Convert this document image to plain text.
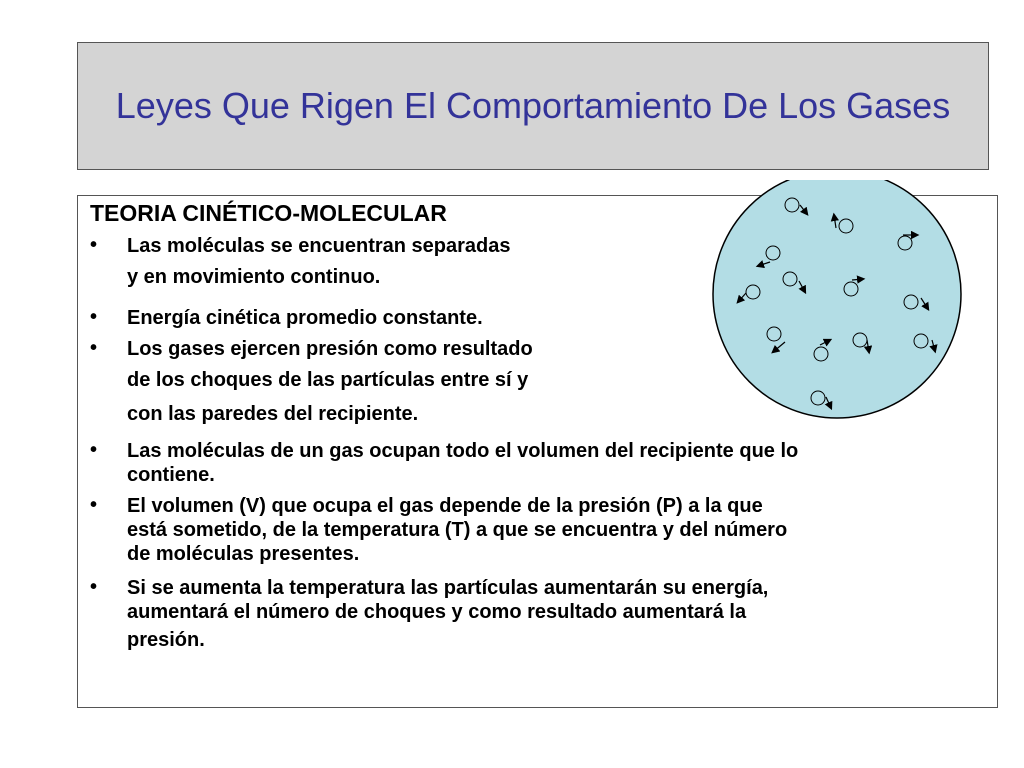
Leyes Que Rigen El Comportamiento De Los Gases
TEORIA CINÉTICO-MOLECULAR
•	Las moléculas se encuentran separadas
y en movimiento continuo.
•	Energía cinética promedio constante.
•	Los gases ejercen presión como resultado
de los choques de las partículas entre sí y
con las paredes del recipiente.
•	Las moléculas de un gas ocupan todo el volumen del recipiente que lo
contiene.
•	El volumen (V) que ocupa el gas depende de la presión (P) a la que
está sometido, de la temperatura (T) a que se encuentra y del número
de moléculas presentes.
•	Si se aumenta la temperatura las partículas aumentarán su energía,
aumentará el número de choques y como resultado aumentará la
presión.
